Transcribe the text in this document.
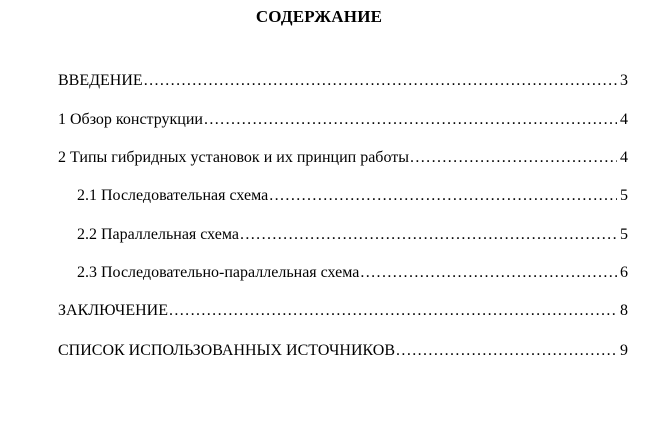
СОДЕРЖАНИЕ
ВВЕДЕНИЕ .....	3
1 Обзор конструкции .....	4
2 Типы гибридных установок и их принцип работы .....	4
2.1 Последовательная схема .....	5
2.2 Параллельная схема .....	5
2.3 Последовательно-параллельная схема .....	6
ЗАКЛЮЧЕНИЕ .....	8
СПИСОК ИСПОЛЬЗОВАННЫХ ИСТОЧНИКОВ .....	9
